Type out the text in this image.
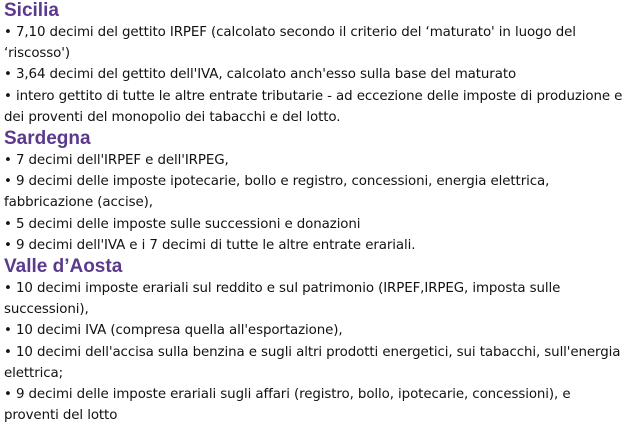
Sicilia
• 7,10 decimi del gettito IRPEF (calcolato secondo il criterio del ‘maturato' in luogo del ‘riscosso')
• 3,64 decimi del gettito dell'IVA, calcolato anch'esso sulla base del maturato
• intero gettito di tutte le altre entrate tributarie - ad eccezione delle imposte di produzione e dei proventi del monopolio dei tabacchi e del lotto.
Sardegna
• 7 decimi dell'IRPEF e dell'IRPEG,
• 9 decimi delle imposte ipotecarie, bollo e registro, concessioni, energia elettrica, fabbricazione (accise),
• 5 decimi delle imposte sulle successioni e donazioni
• 9 decimi dell'IVA e i 7 decimi di tutte le altre entrate erariali.
Valle d’Aosta
• 10 decimi imposte erariali sul reddito e sul patrimonio (IRPEF,IRPEG, imposta sulle successioni),
• 10 decimi IVA (compresa quella all'esportazione),
• 10 decimi dell'accisa sulla benzina e sugli altri prodotti energetici, sui tabacchi, sull'energia elettrica;
• 9 decimi delle imposte erariali sugli affari (registro, bollo, ipotecarie, concessioni), e proventi del lotto
